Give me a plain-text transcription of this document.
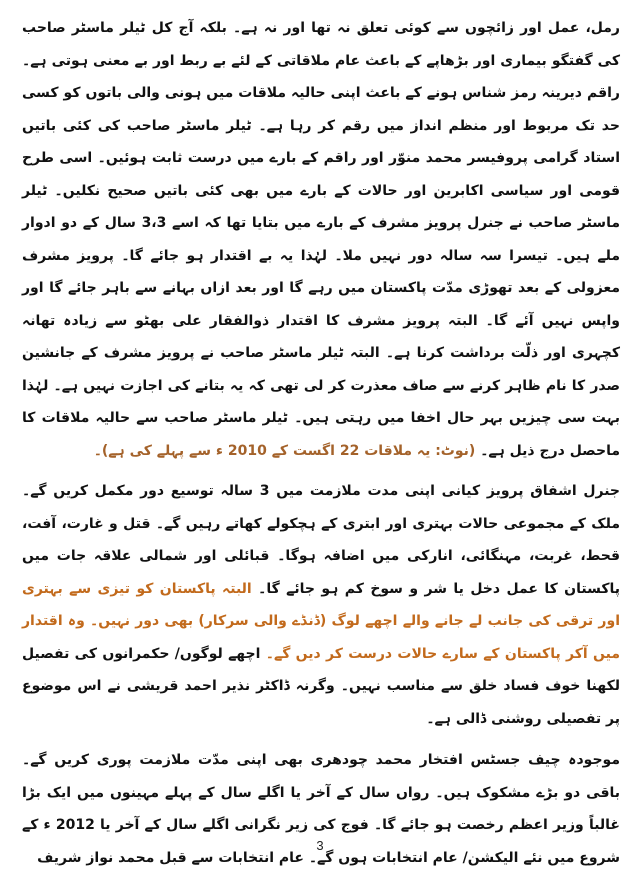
رمل، عمل اور زائچوں سے کوئی تعلق نہ تھا اور نہ ہے۔ بلکہ آج کل ٹیلر ماسٹر صاحب کی گفتگو بیماری اور بڑھاپے کے باعث عام ملاقاتی کے لئے بے ربط اور بے معنی ہوتی ہے۔ راقم دیرینہ رمز شناس ہونے کے باعث اپنی حالیہ ملاقات میں ہونی والی باتوں کو کسی حد تک مربوط اور منظم انداز میں رقم کر رہا ہے۔ ٹیلر ماسٹر صاحب کی کئی باتیں استاد گرامی پروفیسر محمد منوّر اور راقم کے بارے میں درست ثابت ہوئیں۔ اسی طرح قومی اور سیاسی اکابرین اور حالات کے بارے میں بھی کئی باتیں صحیح نکلیں۔ ٹیلر ماسٹر صاحب نے جنرل پرویز مشرف کے بارے میں بتایا تھا کہ اسے 3،3 سال کے دو ادوار ملے ہیں۔ تیسرا سہ سالہ دور نہیں ملا۔ لہٰذا یہ بے اقتدار ہو جائے گا۔ پرویز مشرف معزولی کے بعد تھوڑی مدّت پاکستان میں رہے گا اور بعد ازاں بہانے سے باہر جائے گا اور واپس نہیں آئے گا۔ البتہ پرویز مشرف کا اقتدار ذوالفقار علی بھٹو سے زیادہ تھانہ کچہری اور ذلّت برداشت کرنا ہے۔ البتہ ٹیلر ماسٹر صاحب نے پرویز مشرف کے جانشین صدر کا نام ظاہر کرنے سے صاف معذرت کر لی تھی کہ یہ بتانے کی اجازت نہیں ہے۔ لہٰذا بہت سی چیزیں بہر حال اخفا میں رہتی ہیں۔ ٹیلر ماسٹر صاحب سے حالیہ ملاقات کا ماحصل درج ذیل ہے۔ (نوٹ: یہ ملاقات 22 اگست کے 2010 ء سے پہلے کی ہے)۔

جنرل اشفاق پرویز کیانی اپنی مدت ملازمت میں 3 سالہ توسیع دور مکمل کریں گے۔ ملک کے مجموعی حالات بہتری اور ابتری کے ہچکولے کھاتے رہیں گے۔ قتل و غارت، آفت، قحط، غربت، مہنگائی، انارکی میں اضافہ ہوگا۔ قبائلی اور شمالی علاقہ جات میں پاکستان کا عمل دخل یا شر و سوخ کم ہو جائے گا۔ البتہ پاکستان کو تیزی سے بہتری اور ترقی کی جانب لے جانے والے اچھے لوگ (ڈنڈے والی سرکار) بھی دور نہیں۔ وہ اقتدار میں آکر پاکستان کے سارے حالات درست کر دیں گے۔ اچھے لوگوں/ حکمرانوں کی تفصیل لکھنا خوف فساد خلق سے مناسب نہیں۔ وگرنہ ڈاکٹر نذیر احمد قریشی نے اس موضوع پر تفصیلی روشنی ڈالی ہے۔

موجودہ چیف جسٹس افتخار محمد چودھری بھی اپنی مدّت ملازمت پوری کریں گے۔ باقی دو بڑے مشکوک ہیں۔ رواں سال کے آخر یا اگلے سال کے پہلے مہینوں میں ایک بڑا غالباً وزیر اعظم رخصت ہو جائے گا۔ فوج کی زیر نگرانی اگلے سال کے آخر یا 2012 ء کے شروع میں نئے الیکشن/ عام انتخابات ہوں گے۔ عام انتخابات سے قبل محمد نواز شریف

3
